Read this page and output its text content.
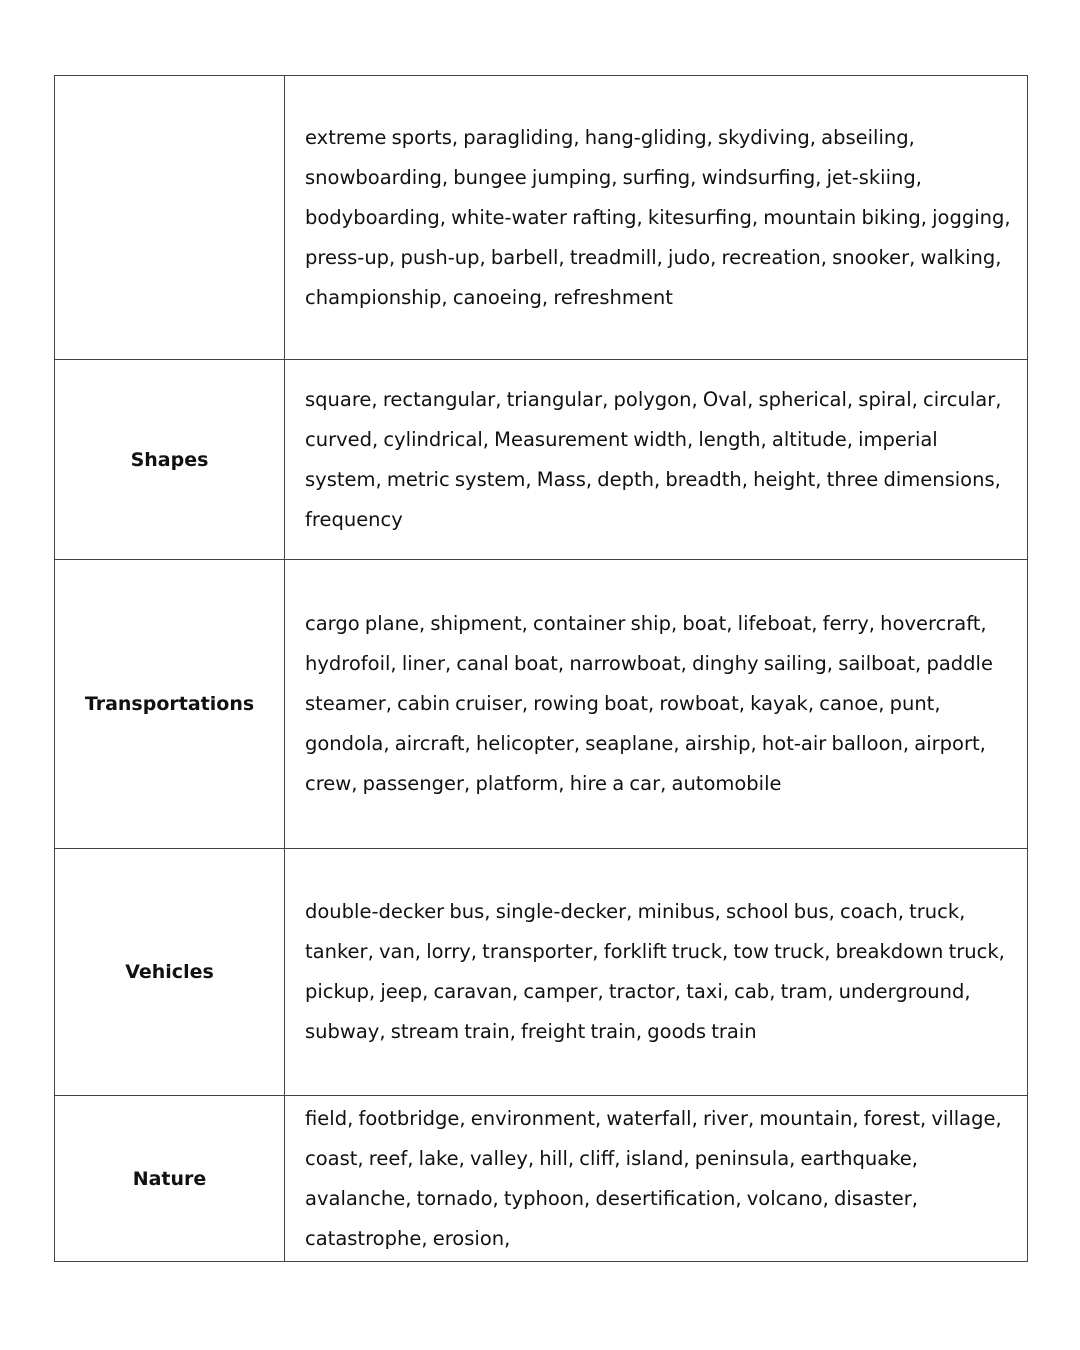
	extreme sports, paragliding, hang-gliding, skydiving, abseiling, snowboarding, bungee jumping, surfing, windsurfing, jet-skiing, bodyboarding, white-water rafting, kitesurfing, mountain biking, jogging, press-up, push-up, barbell, treadmill, judo, recreation, snooker, walking, championship, canoeing, refreshment
Shapes	square, rectangular, triangular, polygon, Oval, spherical, spiral, circular, curved, cylindrical, Measurement width, length, altitude, imperial system, metric system, Mass, depth, breadth, height, three dimensions, frequency
Transportations	cargo plane, shipment, container ship, boat, lifeboat, ferry, hovercraft, hydrofoil, liner, canal boat, narrowboat, dinghy sailing, sailboat, paddle steamer, cabin cruiser, rowing boat, rowboat, kayak, canoe, punt, gondola, aircraft, helicopter, seaplane, airship, hot-air balloon, airport, crew, passenger, platform, hire a car, automobile
Vehicles	double-decker bus, single-decker, minibus, school bus, coach, truck, tanker, van, lorry, transporter, forklift truck, tow truck, breakdown truck, pickup, jeep, caravan, camper, tractor, taxi, cab, tram, underground, subway, stream train, freight train, goods train
Nature	field, footbridge, environment, waterfall, river, mountain, forest, village, coast, reef, lake, valley, hill, cliff, island, peninsula, earthquake, avalanche, tornado, typhoon, desertification, volcano, disaster, catastrophe, erosion,
